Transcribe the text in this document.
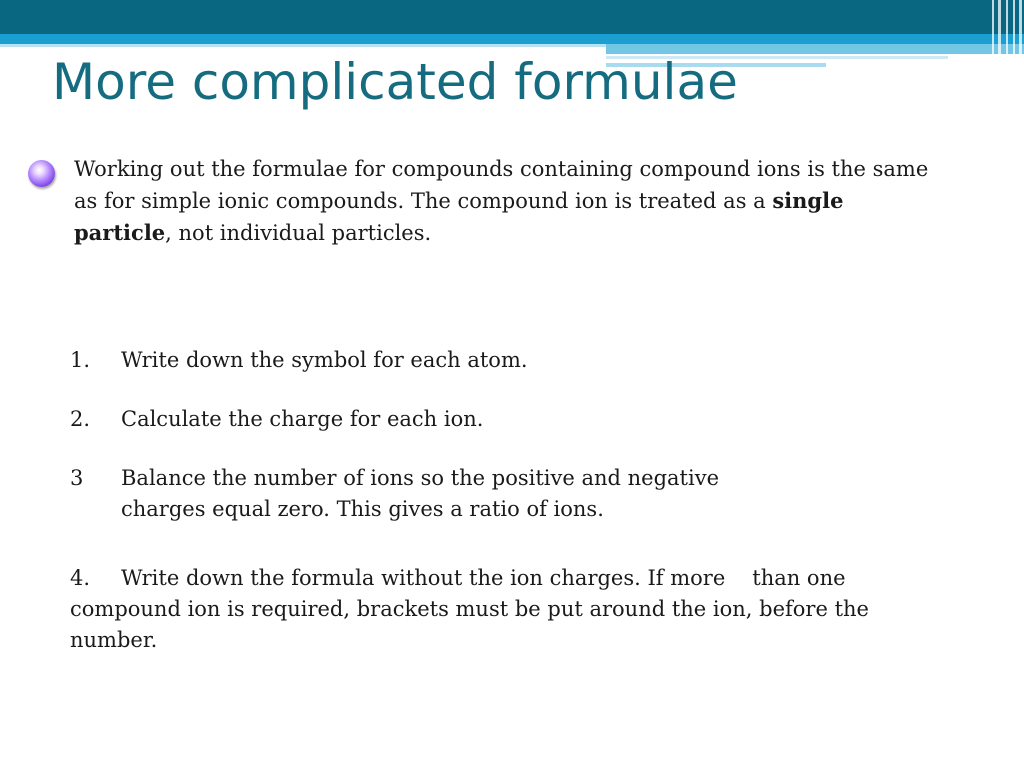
More complicated formulae

Working out the formulae for compounds containing compound ions is the same
as for simple ionic compounds. The compound ion is treated as a single
particle, not individual particles.

1. Write down the symbol for each atom.

2. Calculate the charge for each ion.

3 Balance the number of ions so the positive and negative
charges equal zero. This gives a ratio of ions.

4. Write down the formula without the ion charges. If more than one
compound ion is required, brackets must be put around the ion, before the
number.
